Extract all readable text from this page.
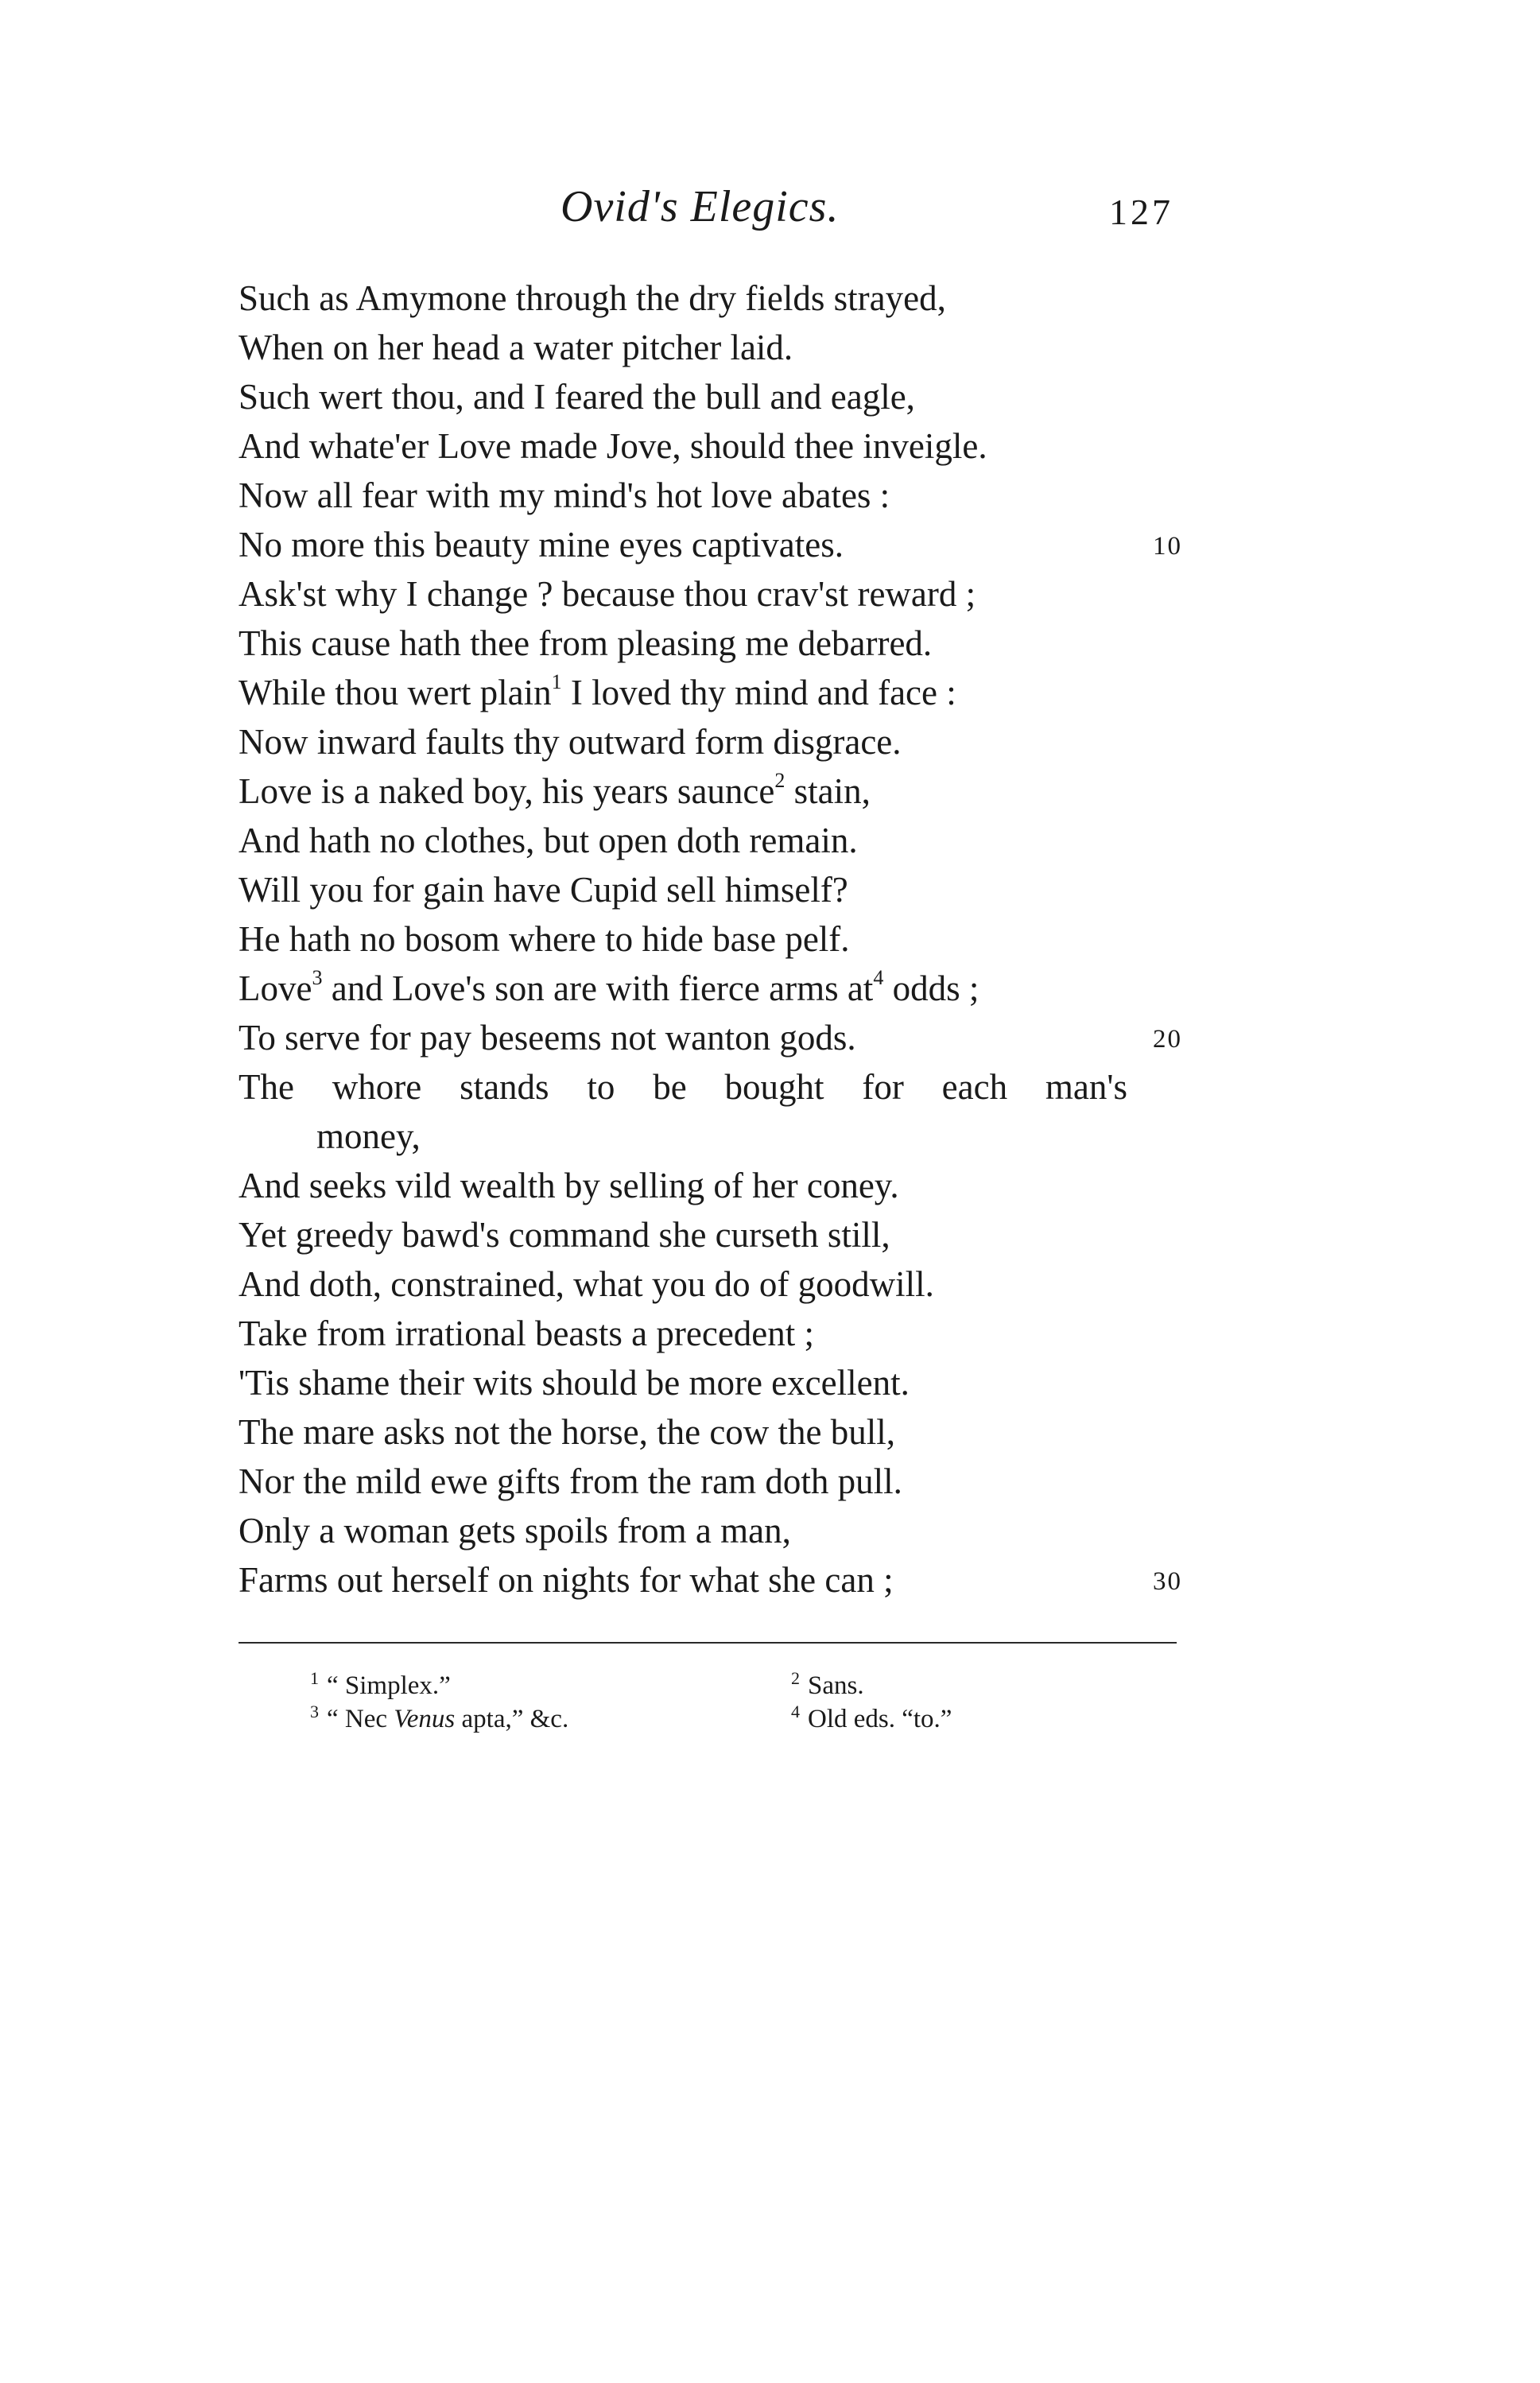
Ovid's Elegics.	127
Such as Amymone through the dry fields strayed,
When on her head a water pitcher laid.
Such wert thou, and I feared the bull and eagle,
And whate'er Love made Jove, should thee inveigle.
Now all fear with my mind's hot love abates :
No more this beauty mine eyes captivates.	10
Ask'st why I change ? because thou crav'st reward ;
This cause hath thee from pleasing me debarred.
While thou wert plain$^1$ I loved thy mind and face :
Now inward faults thy outward form disgrace.
Love is a naked boy, his years saunce$^2$ stain,
And hath no clothes, but open doth remain.
Will you for gain have Cupid sell himself?
He hath no bosom where to hide base pelf.
Love$^3$ and Love's son are with fierce arms $at^4$ odds ;
To serve for pay beseems not wanton gods.	20
The whore stands to be bought for each man's
money,
And seeks vild wealth by selling of her coney.
Yet greedy bawd's command she curseth still,
And doth, constrained, what you do of goodwill.
Take from irrational beasts a precedent ;
'Tis shame their wits should be more excellent.
The mare asks not the horse, the cow the bull,
Nor the mild ewe gifts from the ram doth pull.
Only a woman gets spoils from a man,
Farms out herself on nights for what she can ;	30
$^1$ “ Simplex.”	$^2$ Sans.
$^3$ “ Nec Venus apta,” &c.	$^4$ Old eds. “to.”
